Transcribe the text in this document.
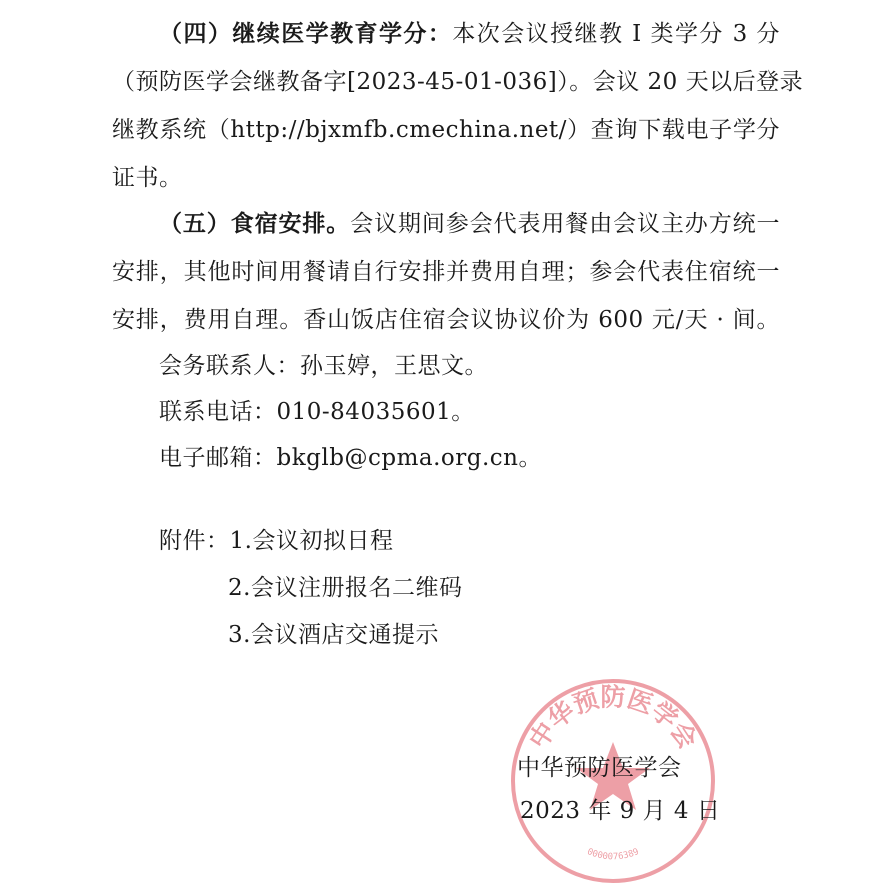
（四）继续医学教育学分：本次会议授继教 I 类学分 3 分
（预防医学会继教备字[2023-45-01-036]）。会议 20 天以后登录
继教系统（http://bjxmfb.cmechina.net/）查询下载电子学分
证书。
（五）食宿安排。会议期间参会代表用餐由会议主办方统一
安排，其他时间用餐请自行安排并费用自理；参会代表住宿统一
安排，费用自理。香山饭店住宿会议协议价为 600 元/天 · 间。
会务联系人：孙玉婷，王思文。
联系电话：010-84035601。
电子邮箱：bkglb@cpma.org.cn。
附件：1.会议初拟日程
2.会议注册报名二维码
3.会议酒店交通提示
中华预防医学会
0000076389
中华预防医学会
2023 年 9 月 4 日
